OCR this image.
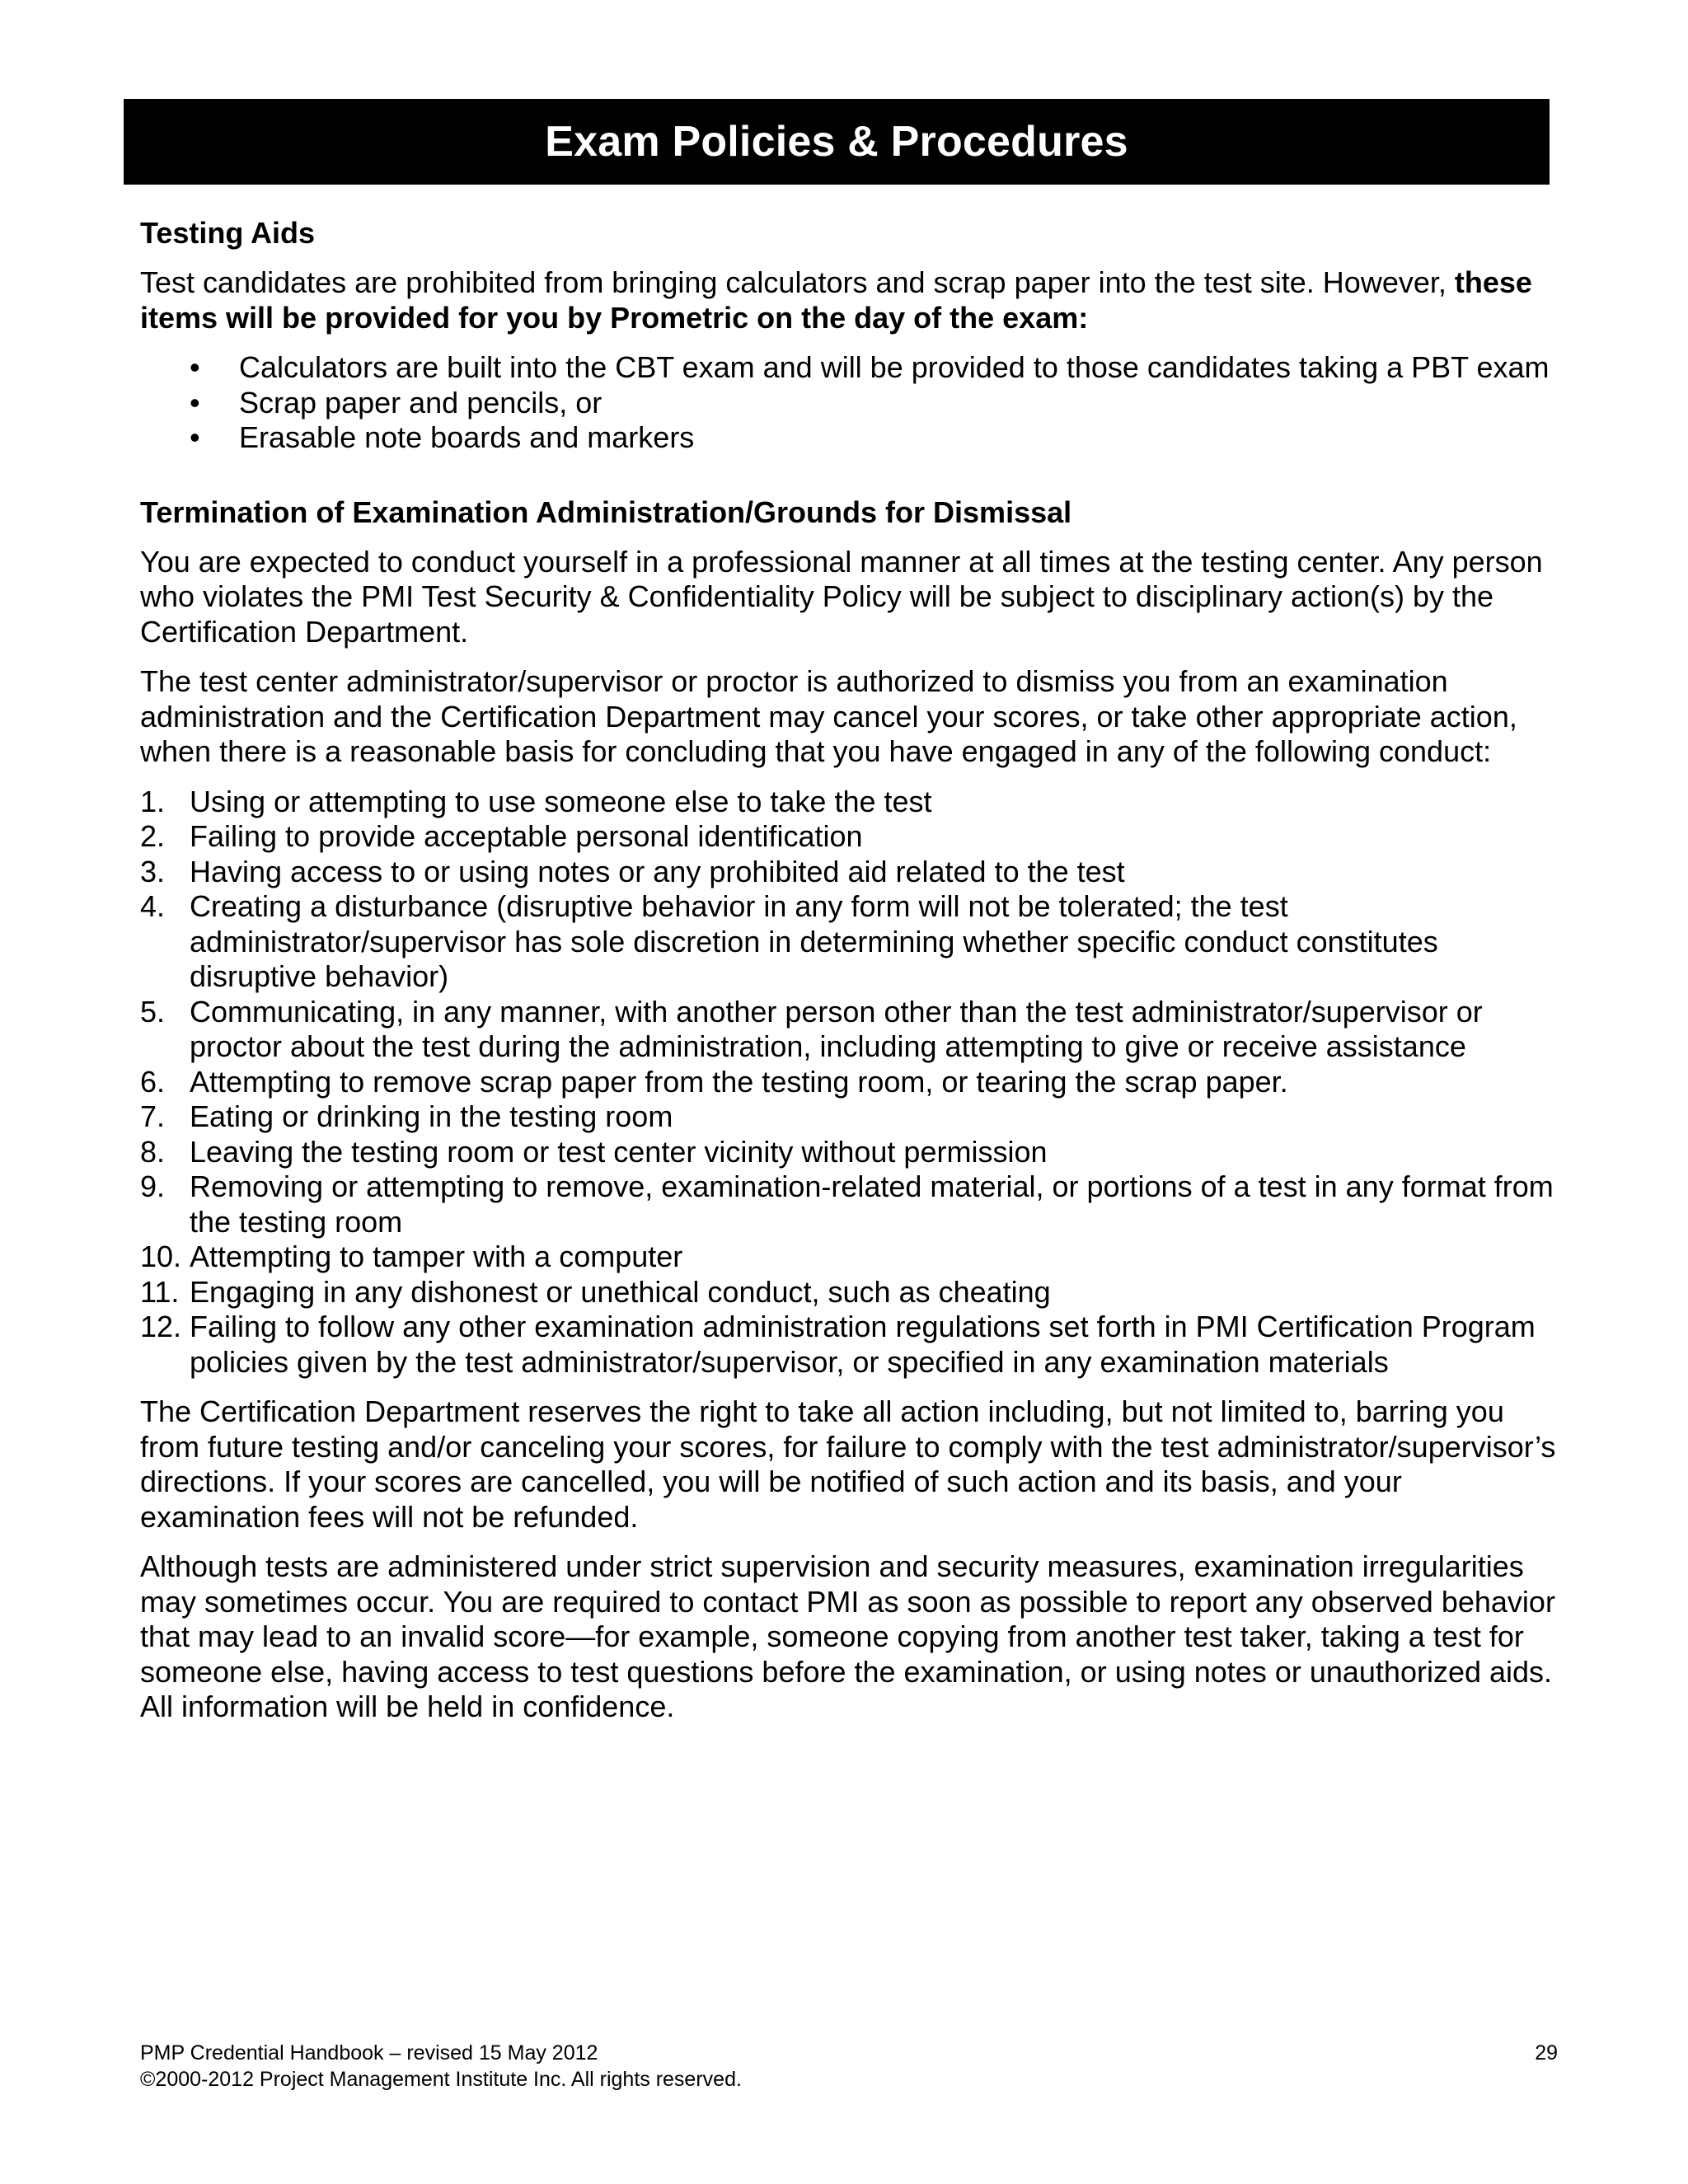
Exam Policies & Procedures

Testing Aids

Test candidates are prohibited from bringing calculators and scrap paper into the test site. However, these items will be provided for you by Prometric on the day of the exam:

• Calculators are built into the CBT exam and will be provided to those candidates taking a PBT exam
• Scrap paper and pencils, or
• Erasable note boards and markers

Termination of Examination Administration/Grounds for Dismissal

You are expected to conduct yourself in a professional manner at all times at the testing center. Any person who violates the PMI Test Security & Confidentiality Policy will be subject to disciplinary action(s) by the Certification Department.

The test center administrator/supervisor or proctor is authorized to dismiss you from an examination administration and the Certification Department may cancel your scores, or take other appropriate action, when there is a reasonable basis for concluding that you have engaged in any of the following conduct:

1. Using or attempting to use someone else to take the test
2. Failing to provide acceptable personal identification
3. Having access to or using notes or any prohibited aid related to the test
4. Creating a disturbance (disruptive behavior in any form will not be tolerated; the test administrator/supervisor has sole discretion in determining whether specific conduct constitutes disruptive behavior)
5. Communicating, in any manner, with another person other than the test administrator/supervisor or proctor about the test during the administration, including attempting to give or receive assistance
6. Attempting to remove scrap paper from the testing room, or tearing the scrap paper.
7. Eating or drinking in the testing room
8. Leaving the testing room or test center vicinity without permission
9. Removing or attempting to remove, examination-related material, or portions of a test in any format from the testing room
10. Attempting to tamper with a computer
11. Engaging in any dishonest or unethical conduct, such as cheating
12. Failing to follow any other examination administration regulations set forth in PMI Certification Program policies given by the test administrator/supervisor, or specified in any examination materials

The Certification Department reserves the right to take all action including, but not limited to, barring you from future testing and/or canceling your scores, for failure to comply with the test administrator/supervisor’s directions. If your scores are cancelled, you will be notified of such action and its basis, and your examination fees will not be refunded.

Although tests are administered under strict supervision and security measures, examination irregularities may sometimes occur. You are required to contact PMI as soon as possible to report any observed behavior that may lead to an invalid score—for example, someone copying from another test taker, taking a test for someone else, having access to test questions before the examination, or using notes or unauthorized aids. All information will be held in confidence.

PMP Credential Handbook – revised 15 May 2012
©2000-2012 Project Management Institute Inc. All rights reserved.
29
